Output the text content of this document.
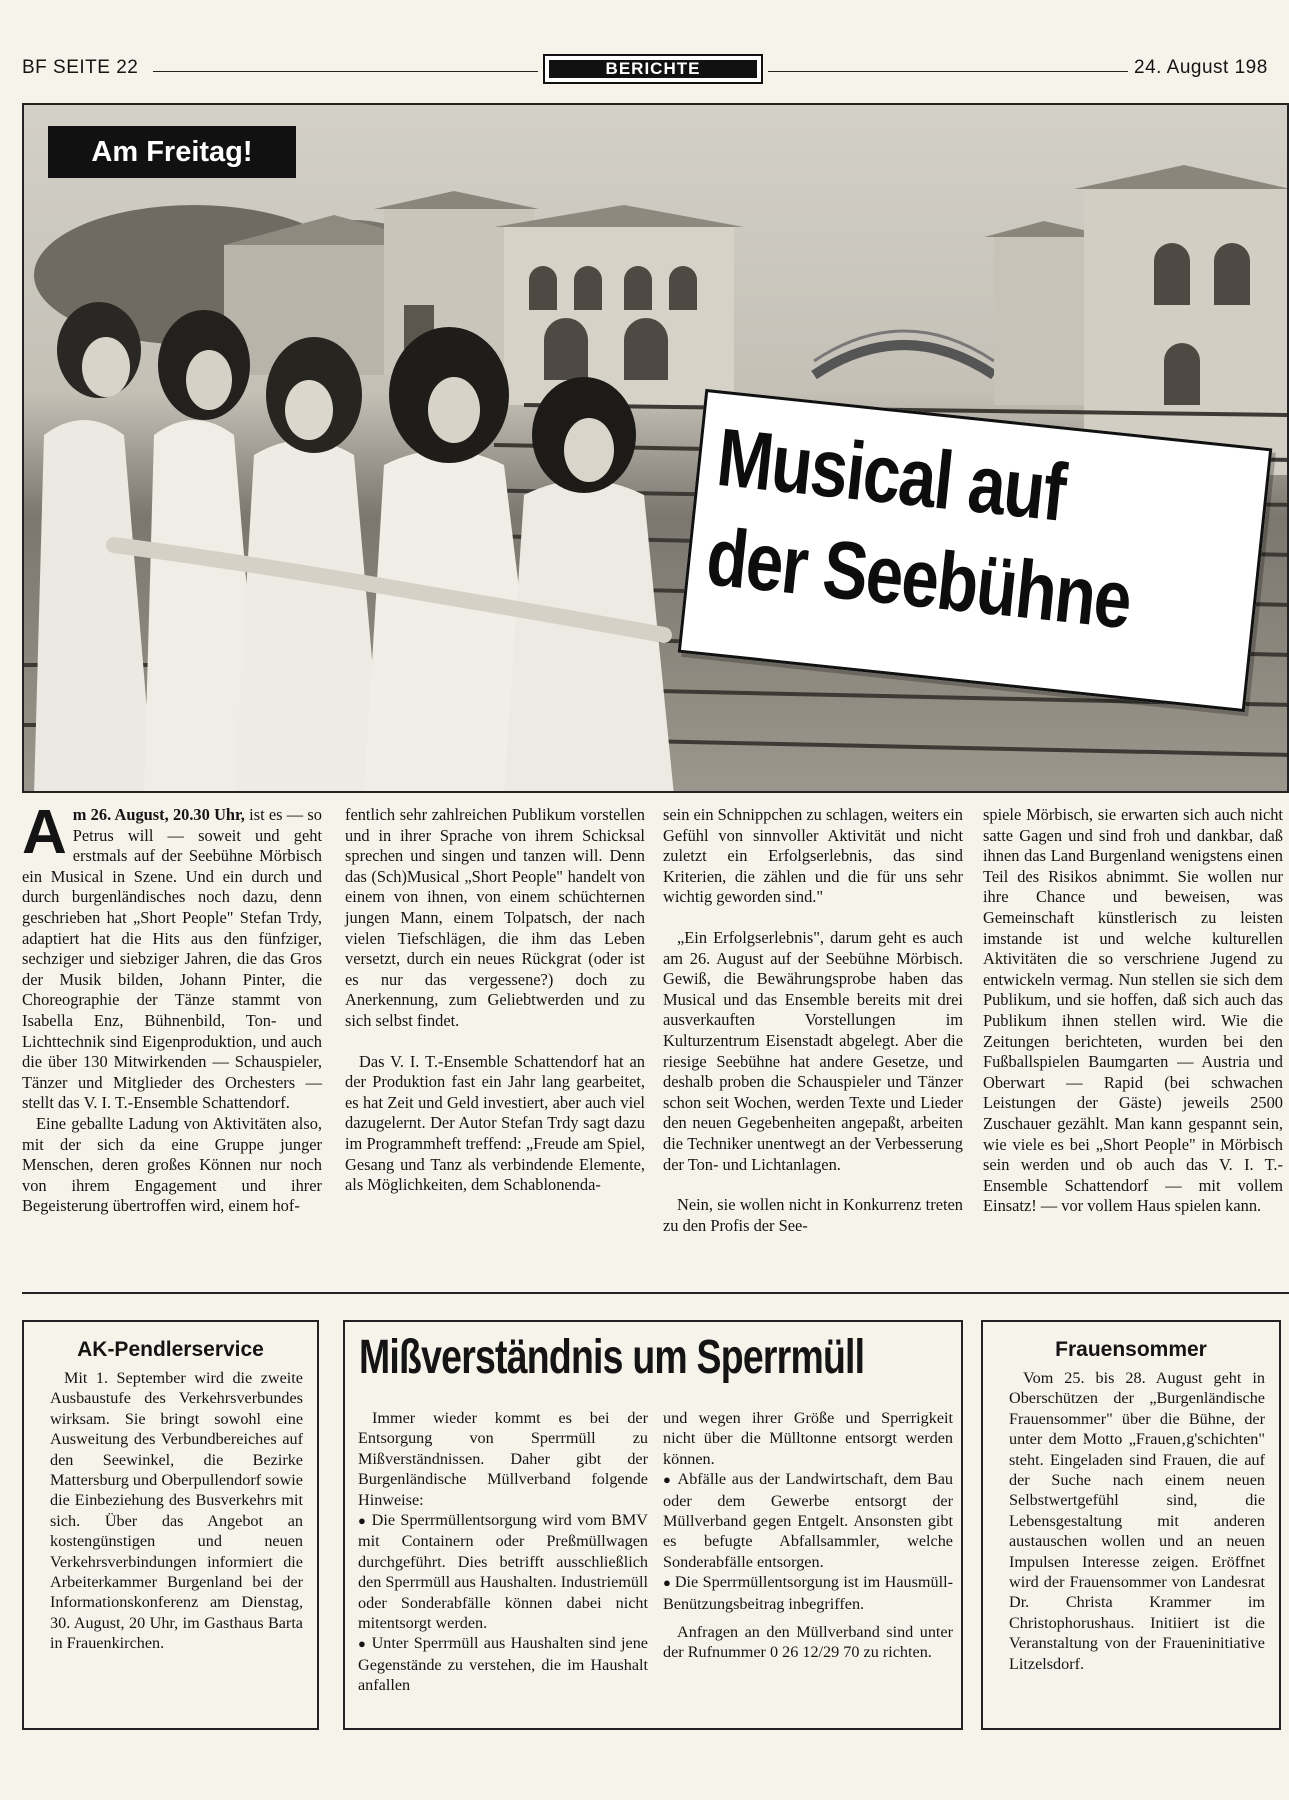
BF SEITE 22	BERICHTE	24. August 198
Am Freitag!
Musical auf
der Seebühne

Am 26. August, 20.30 Uhr, ist es — so Petrus will — soweit und geht erstmals auf der Seebühne Mörbisch ein Musical in Szene. Und ein durch und durch burgenländisches noch dazu, denn geschrieben hat „Short People" Stefan Trdy, adaptiert hat die Hits aus den fünfziger, sechziger und siebziger Jahren, die das Gros der Musik bilden, Johann Pinter, die Choreographie der Tänze stammt von Isabella Enz, Bühnenbild, Ton- und Lichttechnik sind Eigenproduktion, und auch die über 130 Mitwirkenden — Schauspieler, Tänzer und Mitglieder des Orchesters — stellt das V. I. T.-Ensemble Schattendorf.

Eine geballte Ladung von Aktivitäten also, mit der sich da eine Gruppe junger Menschen, deren großes Können nur noch von ihrem Engagement und ihrer Begeisterung übertroffen wird, einem hof-

fentlich sehr zahlreichen Publikum vorstellen und in ihrer Sprache von ihrem Schicksal sprechen und singen und tanzen will. Denn das (Sch)Musical „Short People" handelt von einem von ihnen, von einem schüchternen jungen Mann, einem Tolpatsch, der nach vielen Tiefschlägen, die ihm das Leben versetzt, durch ein neues Rückgrat (oder ist es nur das vergessene?) doch zu Anerkennung, zum Geliebtwerden und zu sich selbst findet.

Das V. I. T.-Ensemble Schattendorf hat an der Produktion fast ein Jahr lang gearbeitet, es hat Zeit und Geld investiert, aber auch viel dazugelernt. Der Autor Stefan Trdy sagt dazu im Programmheft treffend: „Freude am Spiel, Gesang und Tanz als verbindende Elemente, als Möglichkeiten, dem Schablonenda-

sein ein Schnippchen zu schlagen, weiters ein Gefühl von sinnvoller Aktivität und nicht zuletzt ein Erfolgserlebnis, das sind Kriterien, die zählen und die für uns sehr wichtig geworden sind."

„Ein Erfolgserlebnis", darum geht es auch am 26. August auf der Seebühne Mörbisch. Gewiß, die Bewährungsprobe haben das Musical und das Ensemble bereits mit drei ausverkauften Vorstellungen im Kulturzentrum Eisenstadt abgelegt. Aber die riesige Seebühne hat andere Gesetze, und deshalb proben die Schauspieler und Tänzer schon seit Wochen, werden Texte und Lieder den neuen Gegebenheiten angepaßt, arbeiten die Techniker unentwegt an der Verbesserung der Ton- und Lichtanlagen.

Nein, sie wollen nicht in Konkurrenz treten zu den Profis der See-

spiele Mörbisch, sie erwarten sich auch nicht satte Gagen und sind froh und dankbar, daß ihnen das Land Burgenland wenigstens einen Teil des Risikos abnimmt. Sie wollen nur ihre Chance und beweisen, was Gemeinschaft künstlerisch zu leisten imstande ist und welche kulturellen Aktivitäten die so verschriene Jugend zu entwickeln vermag. Nun stellen sie sich dem Publikum, und sie hoffen, daß sich auch das Publikum ihnen stellen wird. Wie die Zeitungen berichteten, wurden bei den Fußballspielen Baumgarten — Austria und Oberwart — Rapid (bei schwachen Leistungen der Gäste) jeweils 2500 Zuschauer gezählt. Man kann gespannt sein, wie viele es bei „Short People" in Mörbisch sein werden und ob auch das V. I. T.-Ensemble Schattendorf — mit vollem Einsatz! — vor vollem Haus spielen kann.

AK-Pendlerservice

Mit 1. September wird die zweite Ausbaustufe des Verkehrsverbundes wirksam. Sie bringt sowohl eine Ausweitung des Verbundbereiches auf den Seewinkel, die Bezirke Mattersburg und Oberpullendorf sowie die Einbeziehung des Busverkehrs mit sich. Über das Angebot an kostengünstigen und neuen Verkehrsverbindungen informiert die Arbeiterkammer Burgenland bei der Informationskonferenz am Dienstag, 30. August, 20 Uhr, im Gasthaus Barta in Frauenkirchen.

Mißverständnis um Sperrmüll

Immer wieder kommt es bei der Entsorgung von Sperrmüll zu Mißverständnissen. Daher gibt der Burgenländische Müllverband folgende Hinweise:

● Die Sperrmüllentsorgung wird vom BMV mit Containern oder Preßmüllwagen durchgeführt. Dies betrifft ausschließlich den Sperrmüll aus Haushalten. Industriemüll oder Sonderabfälle können dabei nicht mitentsorgt werden.

● Unter Sperrmüll aus Haushalten sind jene Gegenstände zu verstehen, die im Haushalt anfallen

und wegen ihrer Größe und Sperrigkeit nicht über die Mülltonne entsorgt werden können.

● Abfälle aus der Landwirtschaft, dem Bau oder dem Gewerbe entsorgt der Müllverband gegen Entgelt. Ansonsten gibt es befugte Abfallsammler, welche Sonderabfälle entsorgen.

● Die Sperrmüllentsorgung ist im Hausmüll-Benützungsbeitrag inbegriffen.

Anfragen an den Müllverband sind unter der Rufnummer 0 26 12/29 70 zu richten.

Frauensommer

Vom 25. bis 28. August geht in Oberschützen der „Burgenländische Frauensommer" über die Bühne, der unter dem Motto „Frauen‚g'schichten" steht. Eingeladen sind Frauen, die auf der Suche nach einem neuen Selbstwertgefühl sind, die Lebensgestaltung mit anderen austauschen wollen und an neuen Impulsen Interesse zeigen. Eröffnet wird der Frauensommer von Landesrat Dr. Christa Krammer im Christophorushaus. Initiiert ist die Veranstaltung von der Fraueninitiative Litzelsdorf.
